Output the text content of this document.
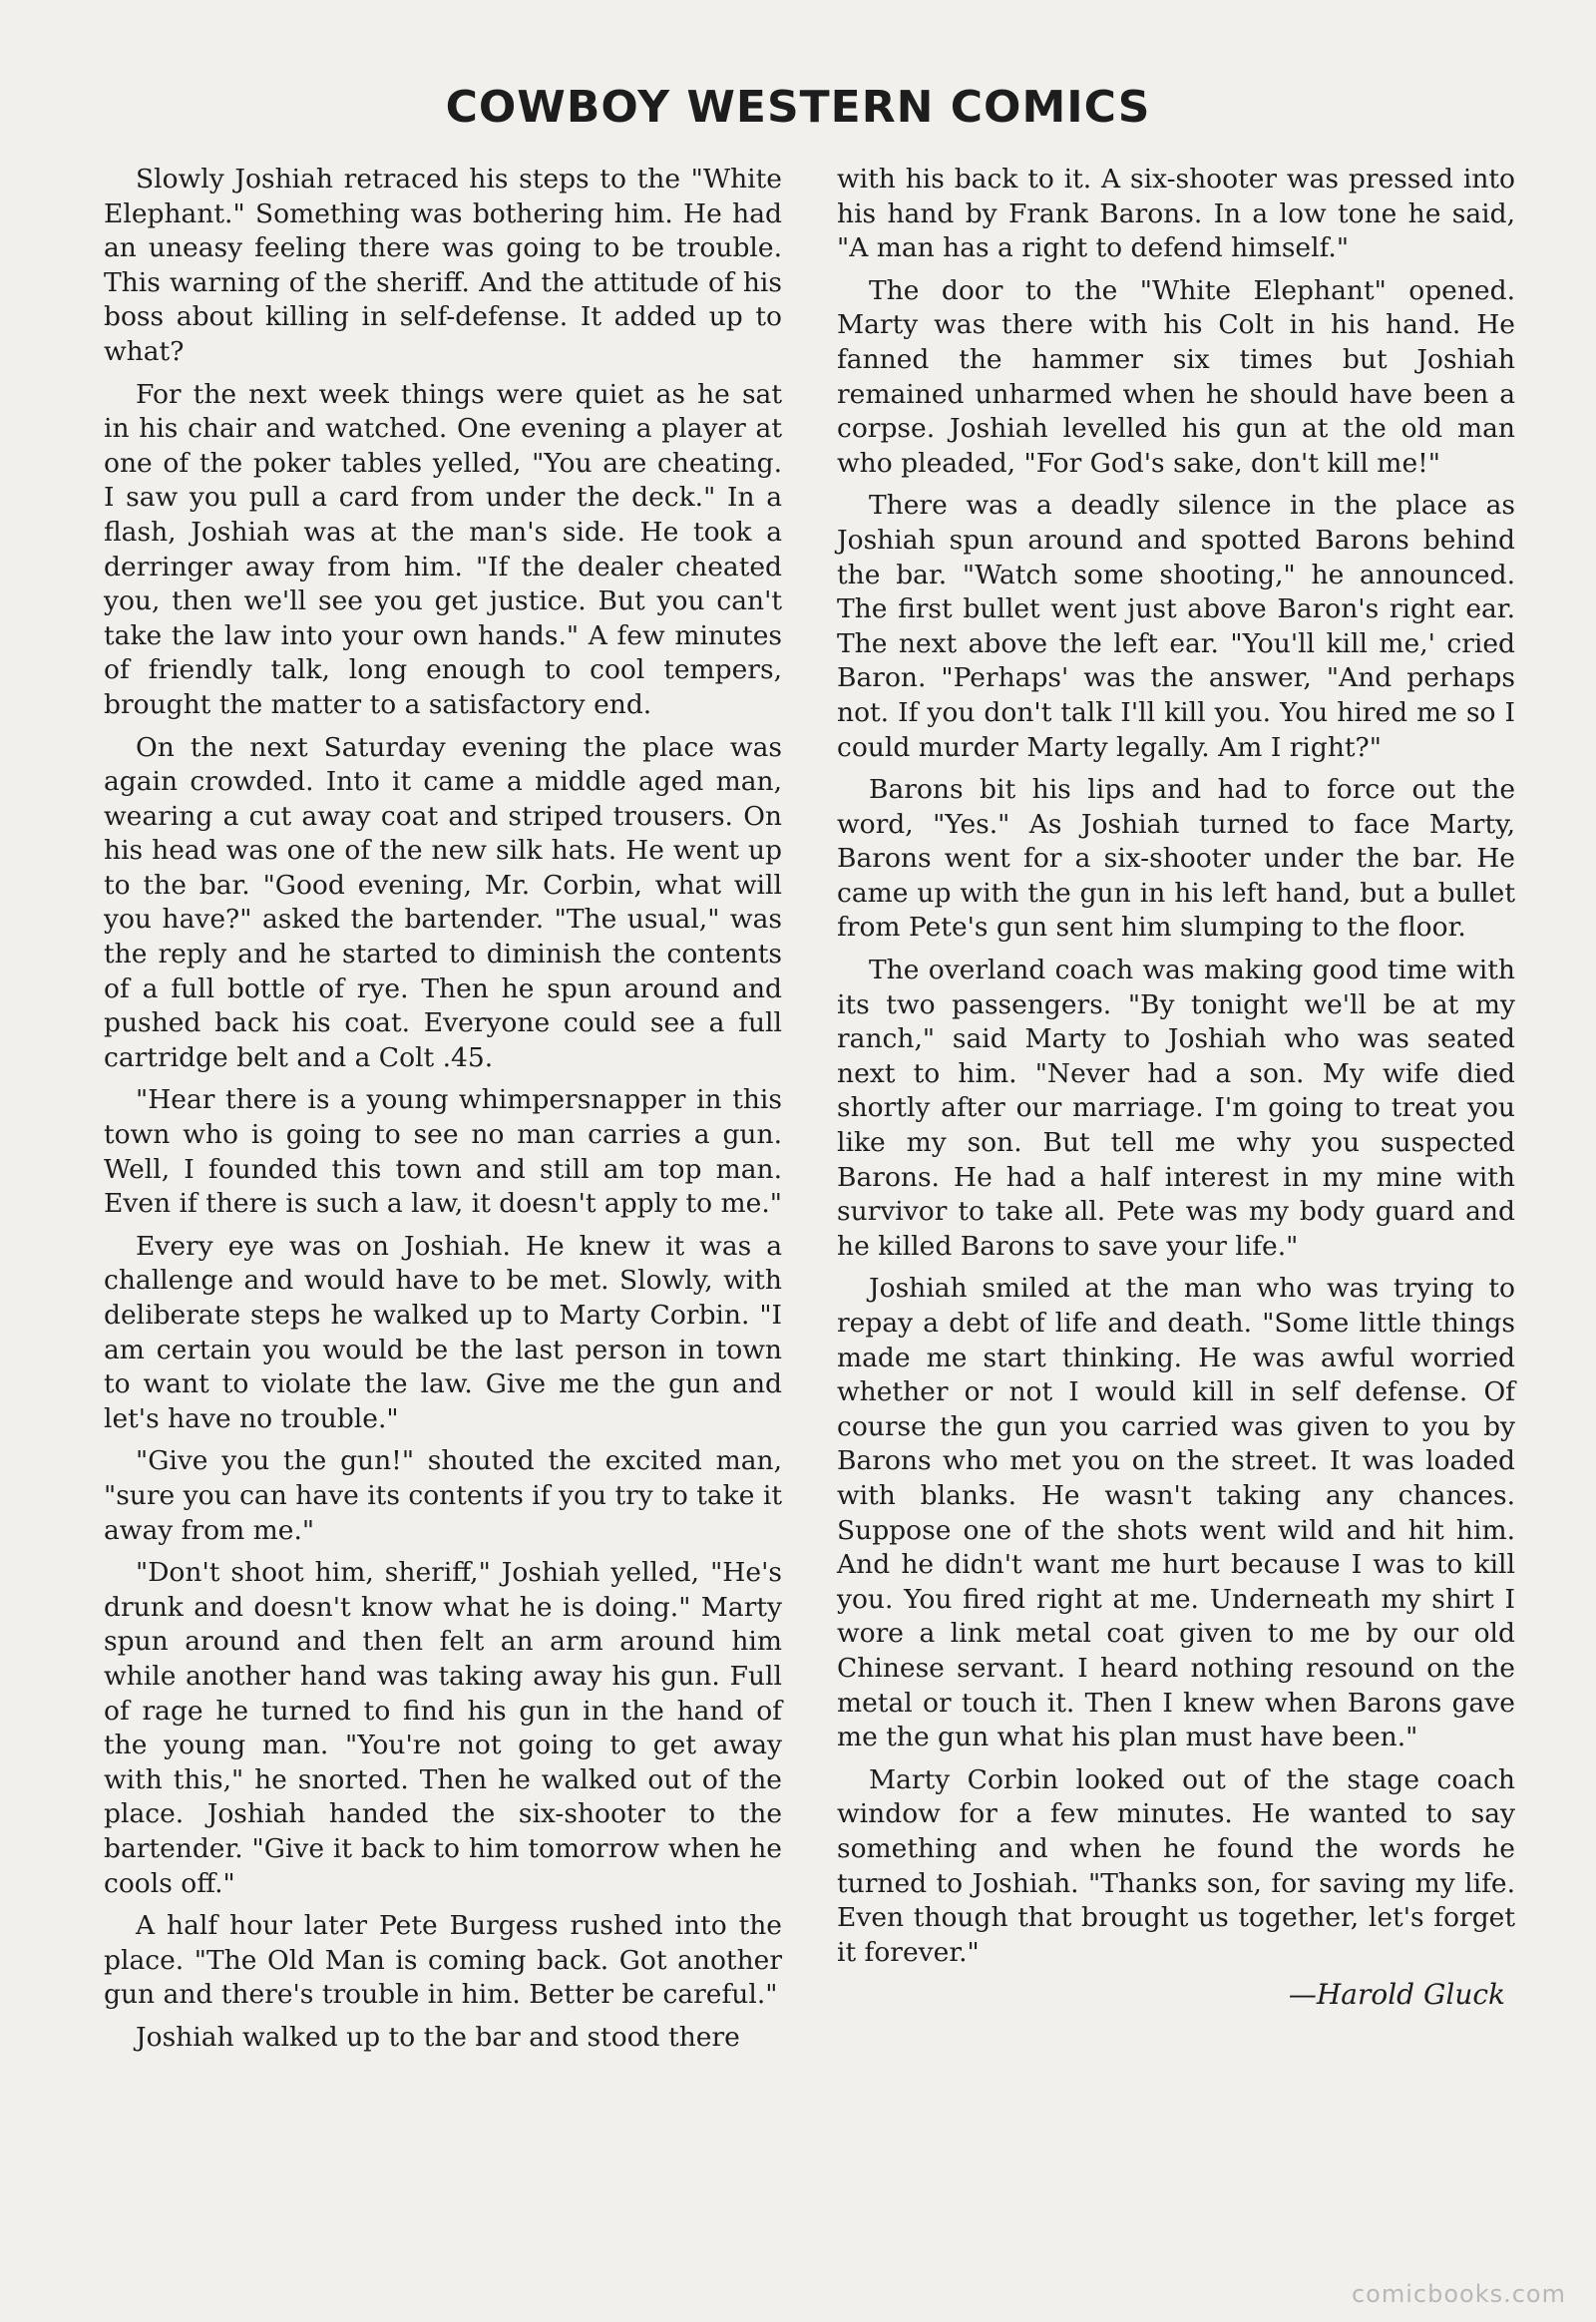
COWBOY WESTERN COMICS

Slowly Joshiah retraced his steps to the "White Elephant." Something was bothering him. He had an uneasy feeling there was going to be trouble. This warning of the sheriff. And the attitude of his boss about killing in self-defense. It added up to what?

For the next week things were quiet as he sat in his chair and watched. One evening a player at one of the poker tables yelled, "You are cheating. I saw you pull a card from under the deck." In a flash, Joshiah was at the man's side. He took a derringer away from him. "If the dealer cheated you, then we'll see you get justice. But you can't take the law into your own hands." A few minutes of friendly talk, long enough to cool tempers, brought the matter to a satisfactory end.

On the next Saturday evening the place was again crowded. Into it came a middle aged man, wearing a cut away coat and striped trousers. On his head was one of the new silk hats. He went up to the bar. "Good evening, Mr. Corbin, what will you have?" asked the bartender. "The usual," was the reply and he started to diminish the contents of a full bottle of rye. Then he spun around and pushed back his coat. Everyone could see a full cartridge belt and a Colt .45.

"Hear there is a young whimpersnapper in this town who is going to see no man carries a gun. Well, I founded this town and still am top man. Even if there is such a law, it doesn't apply to me."

Every eye was on Joshiah. He knew it was a challenge and would have to be met. Slowly, with deliberate steps he walked up to Marty Corbin. "I am certain you would be the last person in town to want to violate the law. Give me the gun and let's have no trouble."

"Give you the gun!" shouted the excited man, "sure you can have its contents if you try to take it away from me."

"Don't shoot him, sheriff," Joshiah yelled, "He's drunk and doesn't know what he is doing." Marty spun around and then felt an arm around him while another hand was taking away his gun. Full of rage he turned to find his gun in the hand of the young man. "You're not going to get away with this," he snorted. Then he walked out of the place. Joshiah handed the six-shooter to the bartender. "Give it back to him tomorrow when he cools off."

A half hour later Pete Burgess rushed into the place. "The Old Man is coming back. Got another gun and there's trouble in him. Better be careful."

Joshiah walked up to the bar and stood there

with his back to it. A six-shooter was pressed into his hand by Frank Barons. In a low tone he said, "A man has a right to defend himself."

The door to the "White Elephant" opened. Marty was there with his Colt in his hand. He fanned the hammer six times but Joshiah remained unharmed when he should have been a corpse. Joshiah levelled his gun at the old man who pleaded, "For God's sake, don't kill me!"

There was a deadly silence in the place as Joshiah spun around and spotted Barons behind the bar. "Watch some shooting," he announced. The first bullet went just above Baron's right ear. The next above the left ear. "You'll kill me,' cried Baron. "Perhaps' was the answer, "And perhaps not. If you don't talk I'll kill you. You hired me so I could murder Marty legally. Am I right?"

Barons bit his lips and had to force out the word, "Yes." As Joshiah turned to face Marty, Barons went for a six-shooter under the bar. He came up with the gun in his left hand, but a bullet from Pete's gun sent him slumping to the floor.

The overland coach was making good time with its two passengers. "By tonight we'll be at my ranch," said Marty to Joshiah who was seated next to him. "Never had a son. My wife died shortly after our marriage. I'm going to treat you like my son. But tell me why you suspected Barons. He had a half interest in my mine with survivor to take all. Pete was my body guard and he killed Barons to save your life."

Joshiah smiled at the man who was trying to repay a debt of life and death. "Some little things made me start thinking. He was awful worried whether or not I would kill in self defense. Of course the gun you carried was given to you by Barons who met you on the street. It was loaded with blanks. He wasn't taking any chances. Suppose one of the shots went wild and hit him. And he didn't want me hurt because I was to kill you. You fired right at me. Underneath my shirt I wore a link metal coat given to me by our old Chinese servant. I heard nothing resound on the metal or touch it. Then I knew when Barons gave me the gun what his plan must have been."

Marty Corbin looked out of the stage coach window for a few minutes. He wanted to say something and when he found the words he turned to Joshiah. "Thanks son, for saving my life. Even though that brought us together, let's forget it forever."

—Harold Gluck
comicbooks.com
